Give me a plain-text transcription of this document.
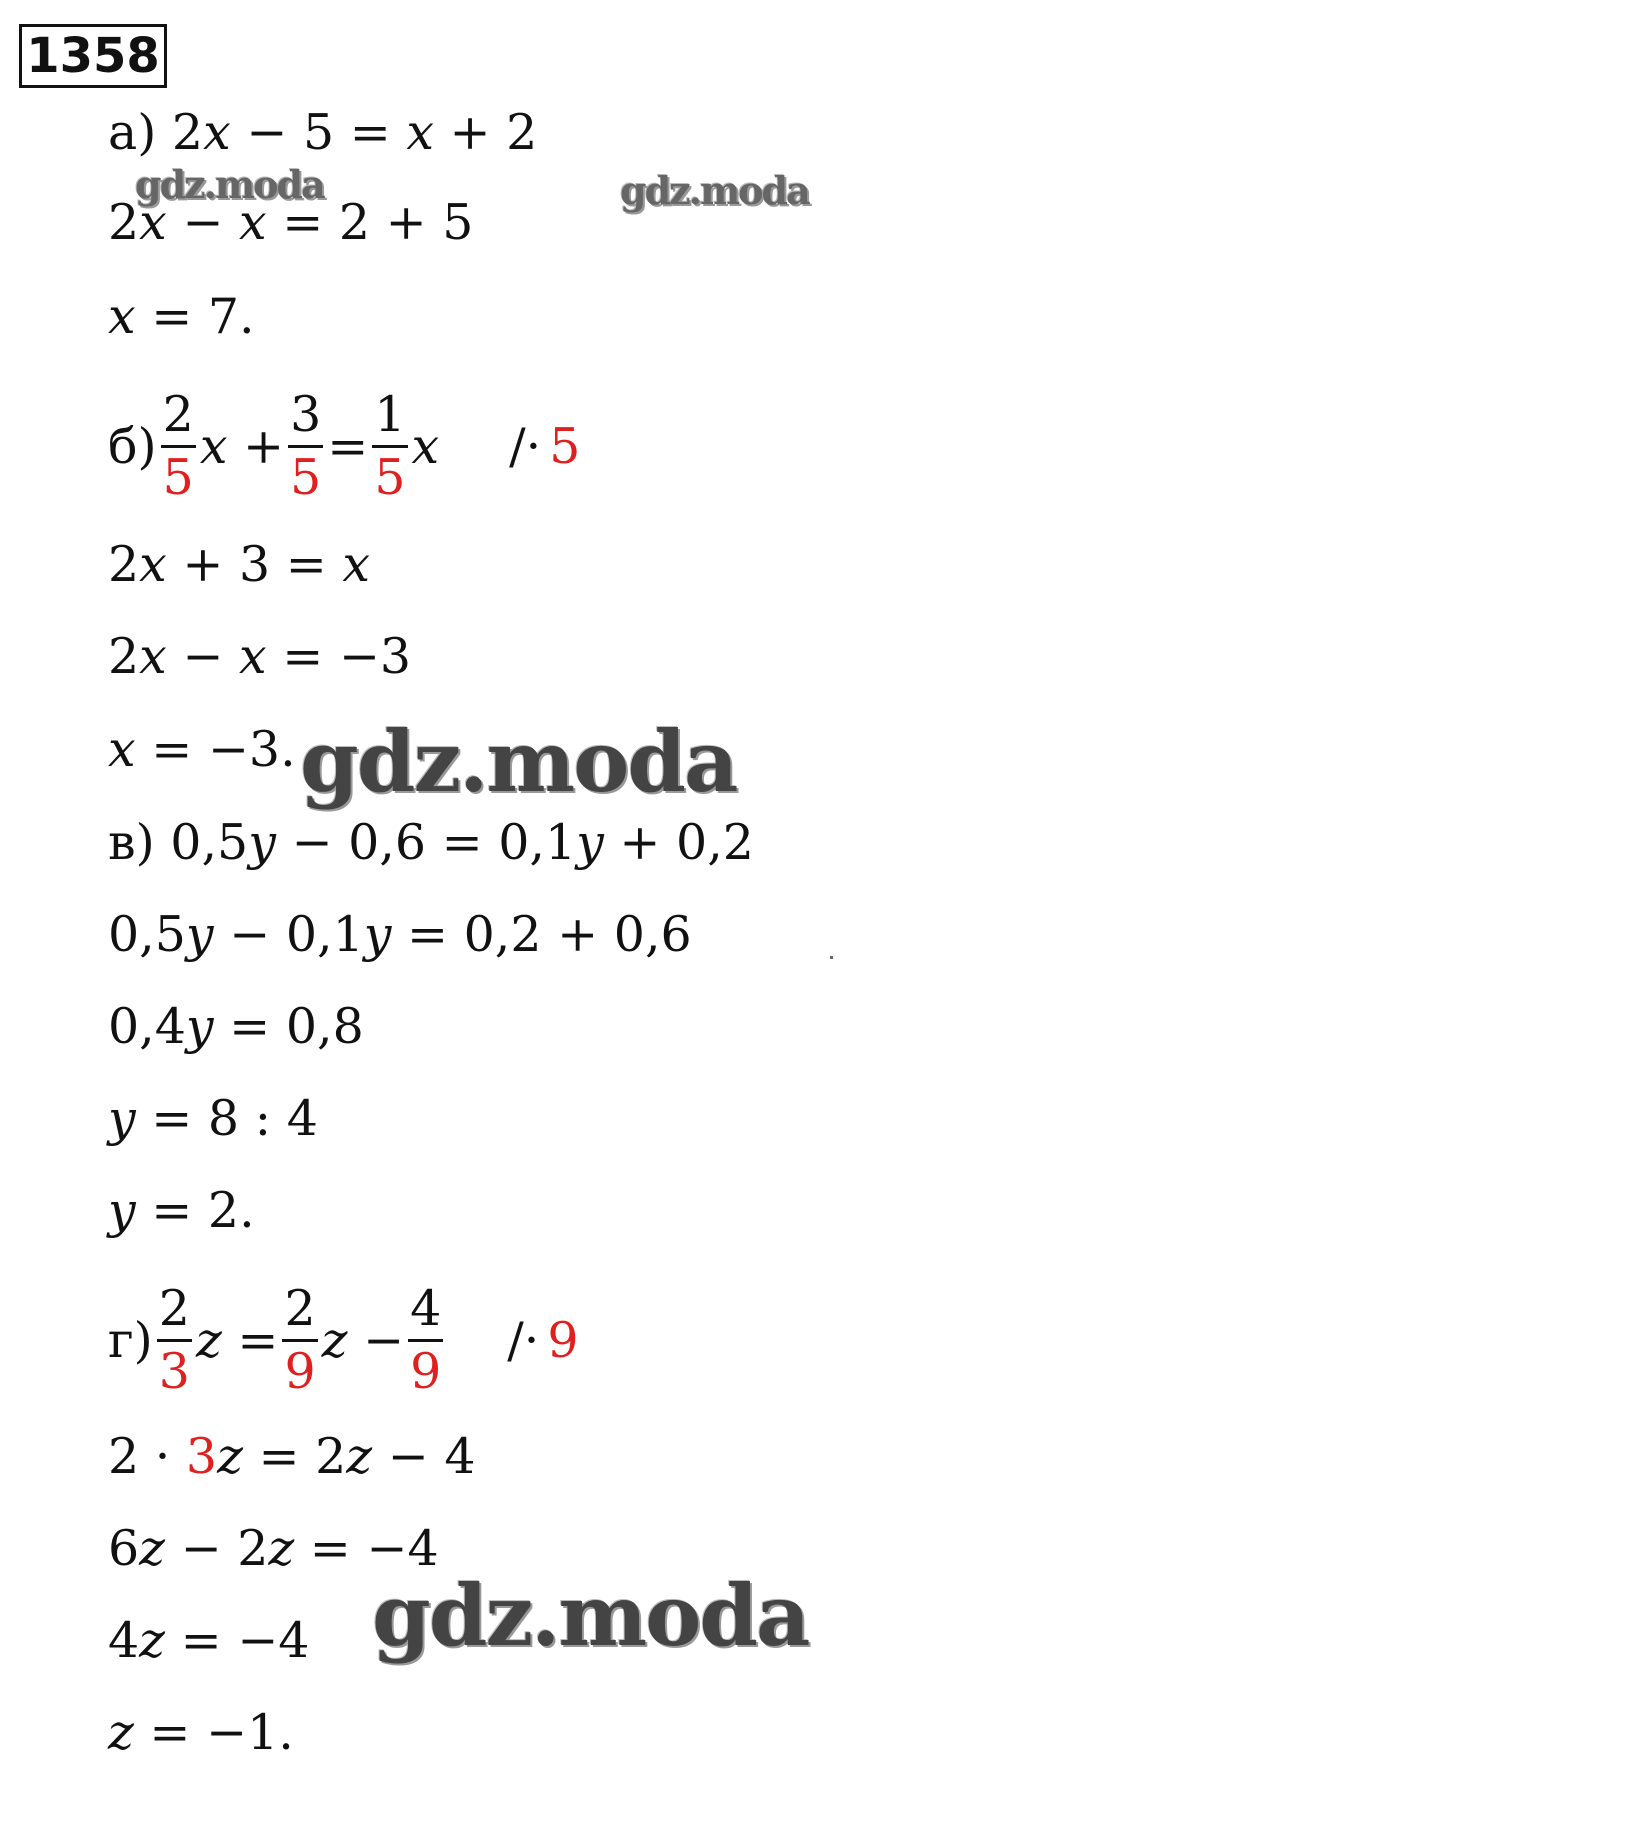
1358
а) 2𝑥 − 5 = 𝑥 + 2
2𝑥 − 𝑥 = 2 + 5
𝑥 = 7.
$б) \frac{2}{5}$ 𝑥 + $\frac{3}{5} = \frac{1}{5}$ 𝑥 /· 5
2𝑥 + 3 = 𝑥
2𝑥 − 𝑥 = −3
𝑥 = −3.
в) 0,5𝑦 − 0,6 = 0,1𝑦 + 0,2
0,5𝑦 − 0,1𝑦 = 0,2 + 0,6
0,4𝑦 = 0,8
𝑦 = 8 : 4
𝑦 = 2.
$г) \frac{2}{3}$ 𝑧 = $\frac{2}{9}$ 𝑧 − $\frac{4}{9} /\cdot 9$
2 · 3𝑧 = 2𝑧 − 4
6𝑧 − 2𝑧 = −4
4𝑧 = −4
𝑧 = −1.
gdz.moda	gdz.moda
gdz.moda
gdz.moda
